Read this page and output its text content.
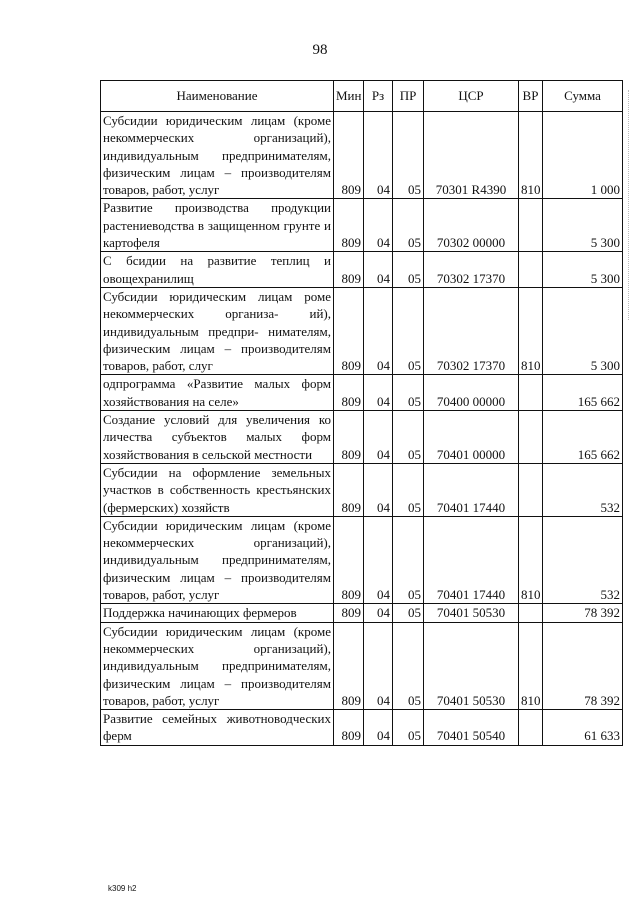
98
Наименование	Мин	Рз	ПР	ЦСР	ВР	Сумма
Субсидии юридическим лицам (кроме некоммерческих организаций), индивидуальным предпринимателям, физическим лицам – производителям товаров, работ, услуг	809	04	05	70301 R4390	810	1 000
Развитие производства продукции растениеводства в защищенном грунте и картофеля	809	04	05	70302 00000		5 300
С бсидии на развитие теплиц и овощехранилищ	809	04	05	70302 17370		5 300
Субсидии юридическим лицам роме некоммерческих организа- ий), индивидуальным предпри- нимателям, физическим лицам – производителям товаров, работ, слуг	809	04	05	70302 17370	810	5 300
одпрограмма «Развитие малых форм хозяйствования на селе»	809	04	05	70400 00000		165 662
Создание условий для увеличения ко личества субъектов малых форм хозяйствования в сельской местности	809	04	05	70401 00000		165 662
Субсидии на оформление земельных участков в собственность крестьянских (фермерских) хозяйств	809	04	05	70401 17440		532
Субсидии юридическим лицам (кроме некоммерческих организаций), индивидуальным предпринимателям, физическим лицам – производителям товаров, работ, услуг	809	04	05	70401 17440	810	532
Поддержка начинающих фермеров	809	04	05	70401 50530		78 392
Субсидии юридическим лицам (кроме некоммерческих организаций), индивидуальным предпринимателям, физическим лицам – производителям товаров, работ, услуг	809	04	05	70401 50530	810	78 392
Развитие семейных животноводческих ферм	809	04	05	70401 50540		61 633
k309 h2
